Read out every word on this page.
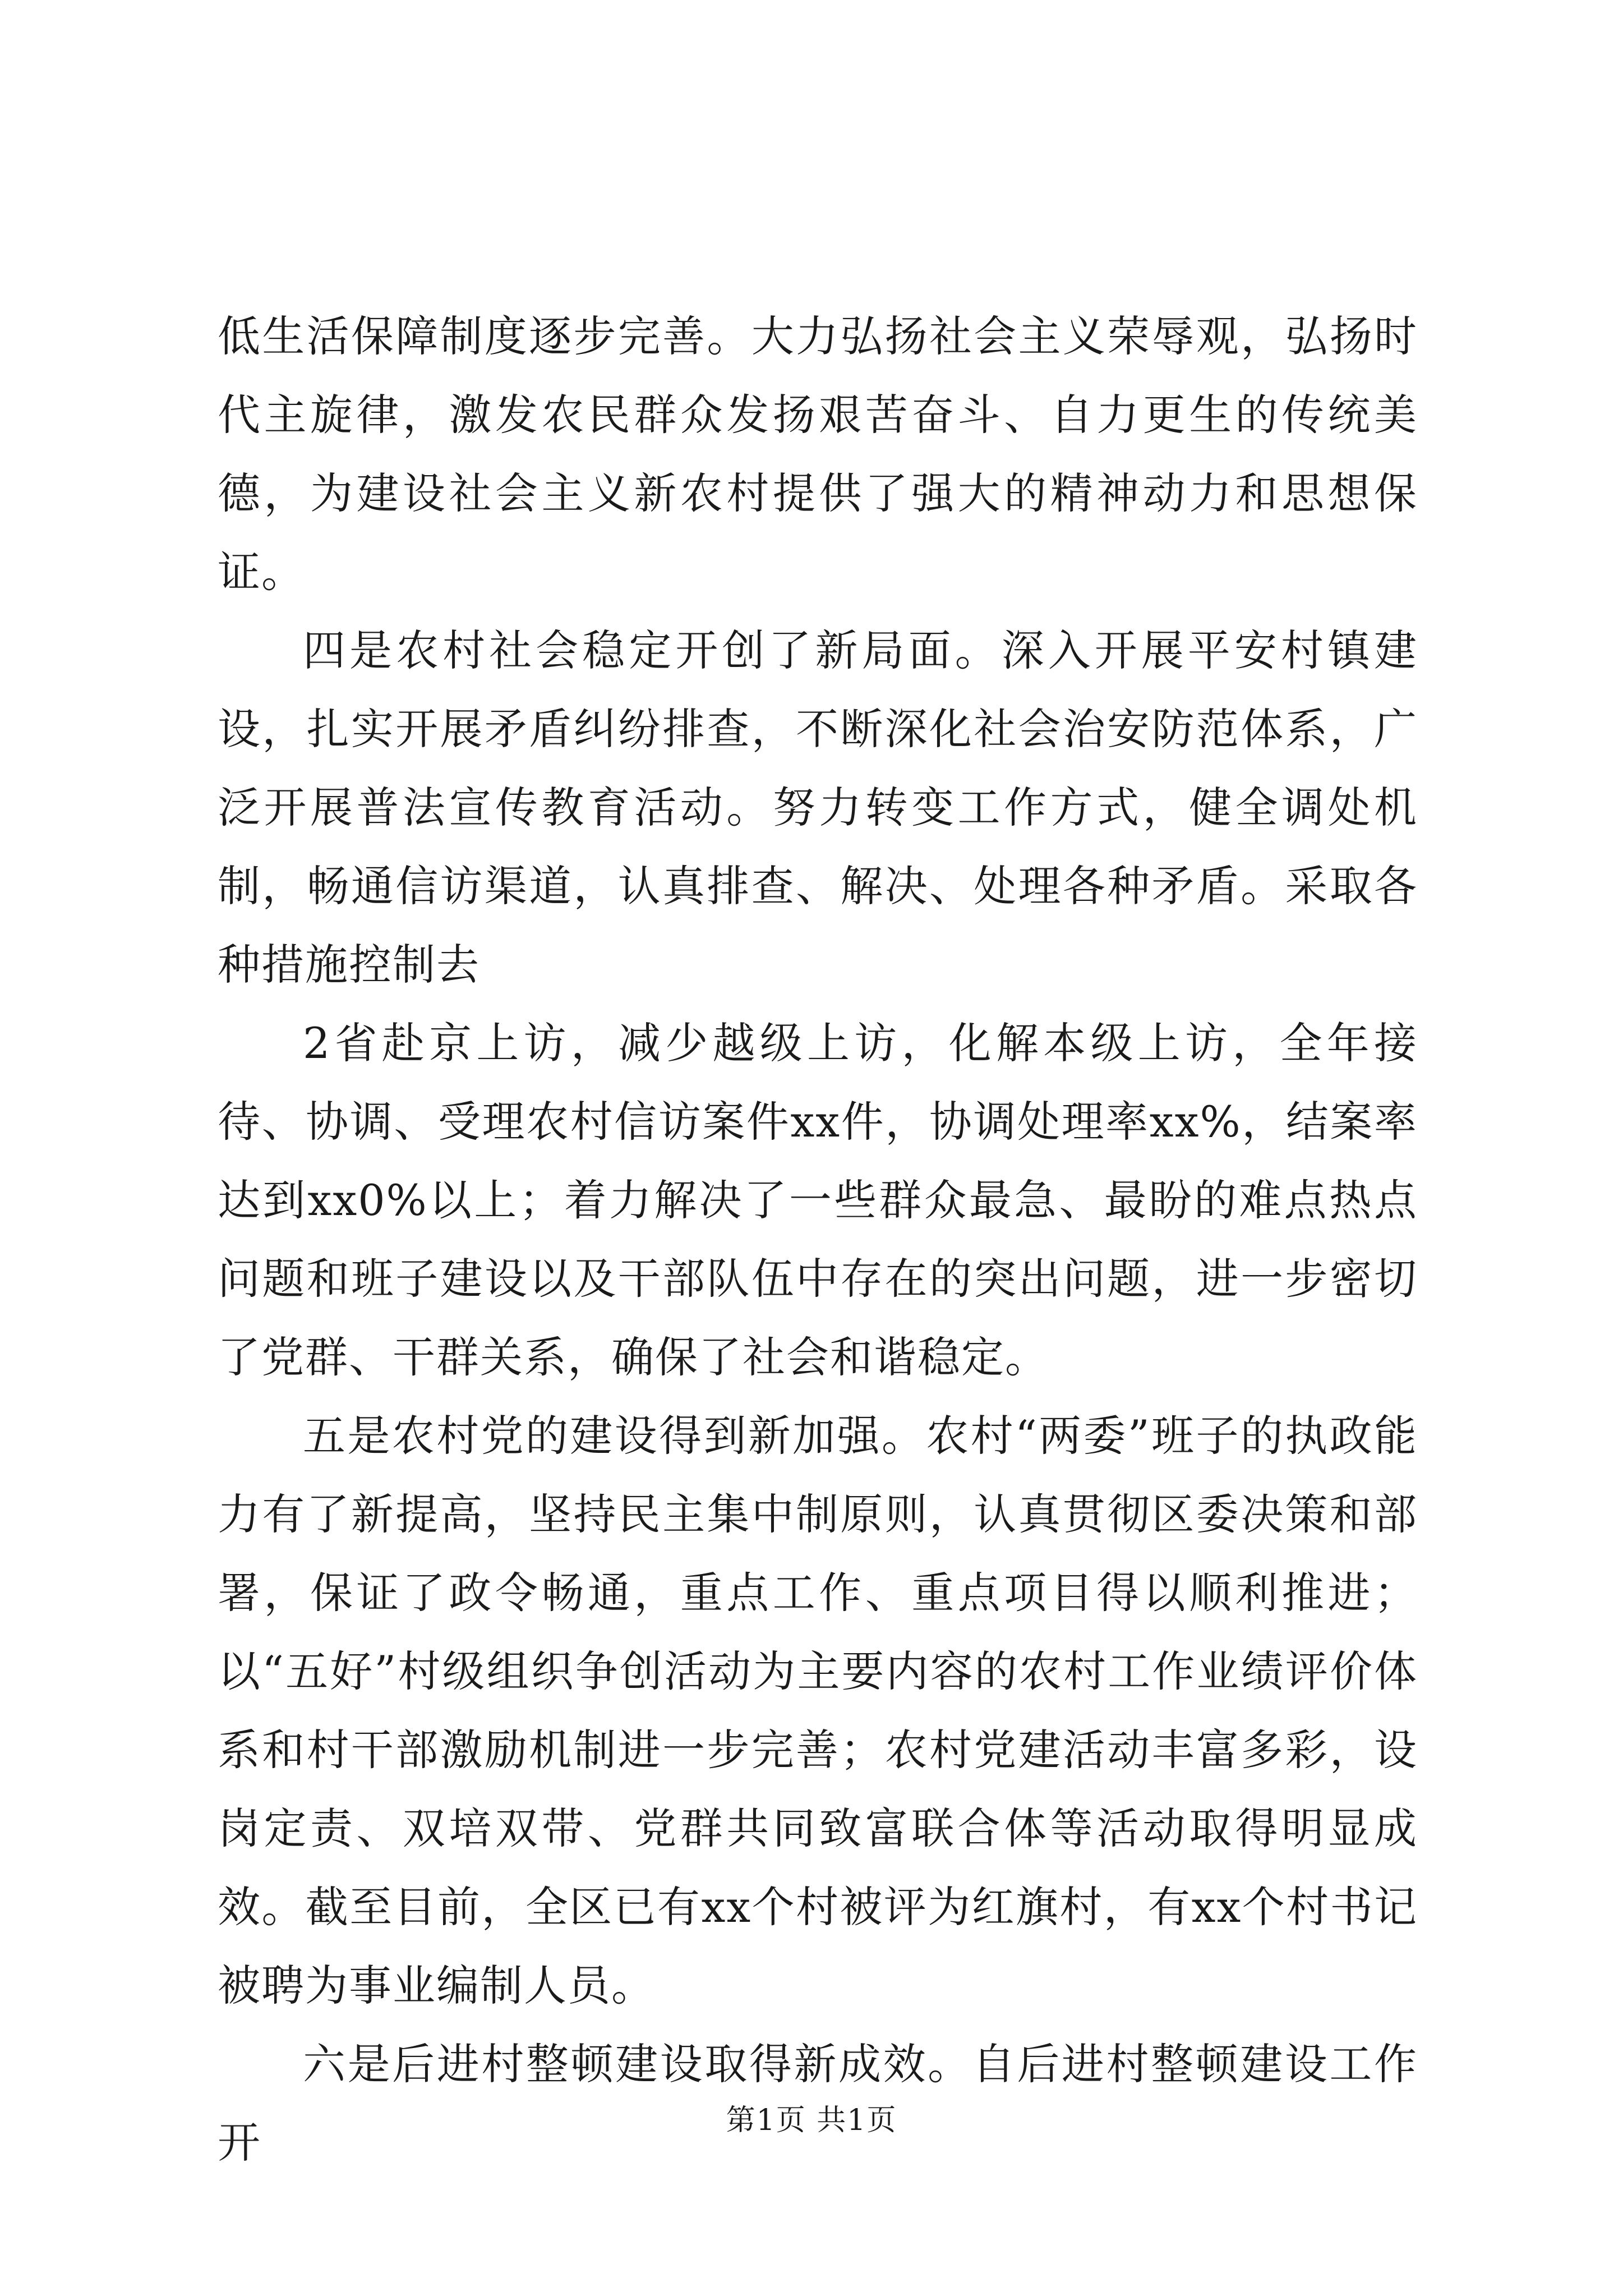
低生活保障制度逐步完善。大力弘扬社会主义荣辱观，弘扬时代主旋律，激发农民群众发扬艰苦奋斗、自力更生的传统美德，为建设社会主义新农村提供了强大的精神动力和思想保证。

四是农村社会稳定开创了新局面。深入开展平安村镇建设，扎实开展矛盾纠纷排查，不断深化社会治安防范体系，广泛开展普法宣传教育活动。努力转变工作方式，健全调处机制，畅通信访渠道，认真排查、解决、处理各种矛盾。采取各种措施控制去

2省赴京上访，减少越级上访，化解本级上访，全年接待、协调、受理农村信访案件xx件，协调处理率xx%，结案率达到xx0%以上；着力解决了一些群众最急、最盼的难点热点问题和班子建设以及干部队伍中存在的突出问题，进一步密切了党群、干群关系，确保了社会和谐稳定。

五是农村党的建设得到新加强。农村“两委”班子的执政能力有了新提高，坚持民主集中制原则，认真贯彻区委决策和部署，保证了政令畅通，重点工作、重点项目得以顺利推进；以“五好”村级组织争创活动为主要内容的农村工作业绩评价体系和村干部激励机制进一步完善；农村党建活动丰富多彩，设岗定责、双培双带、党群共同致富联合体等活动取得明显成效。截至目前，全区已有xx个村被评为红旗村，有xx个村书记被聘为事业编制人员。

六是后进村整顿建设取得新成效。自后进村整顿建设工作开	第1页 共1页
